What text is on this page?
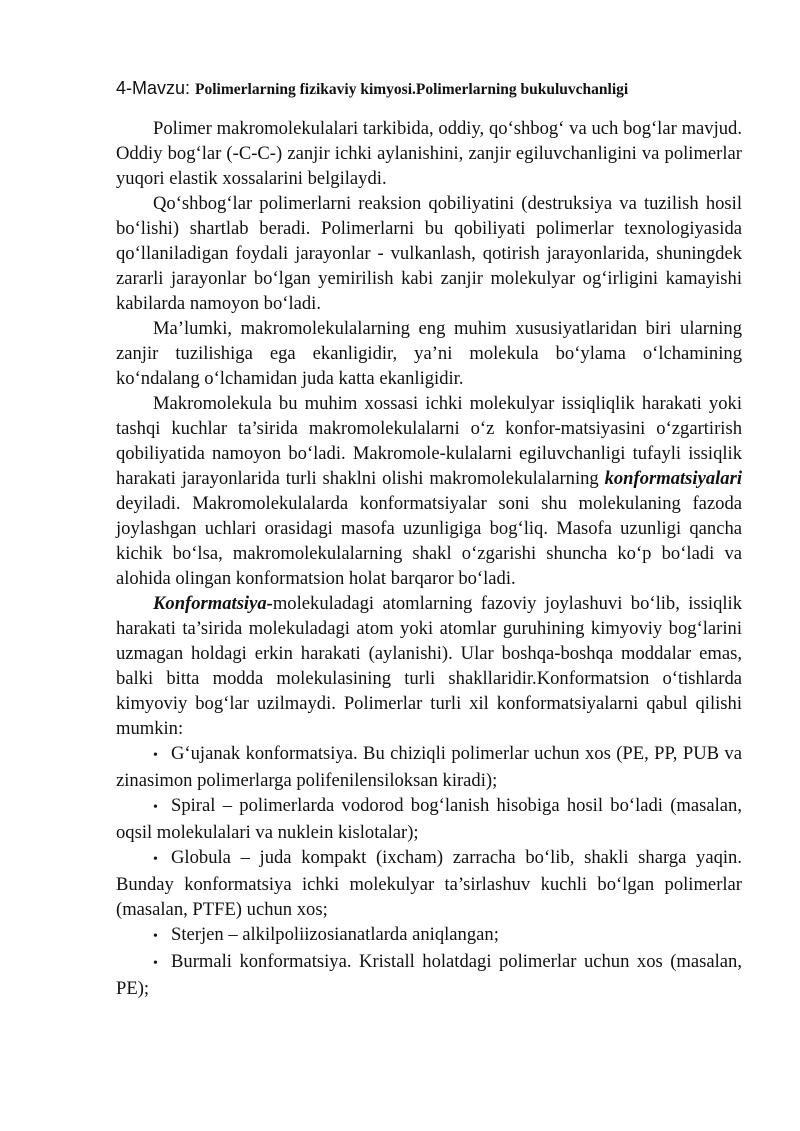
4-Mavzu: Polimerlarning fizikaviy kimyosi.Polimerlarning bukuluvchanligi

Polimer makromolekulalari tarkibida, oddiy, qo‘shbog‘ va uch bog‘lar mavjud. Oddiy bog‘lar (-C-C-) zanjir ichki aylanishini, zanjir egiluvchanligini va polimerlar yuqori elastik xossalarini belgilaydi.

Qo‘shbog‘lar polimerlarni reaksion qobiliyatini (destruksiya va tuzilish hosil bo‘lishi) shartlab beradi. Polimerlarni bu qobiliyati polimerlar texnologiyasida qo‘llaniladigan foydali jarayonlar - vulkanlash, qotirish jarayonlarida, shuningdek zararli jarayonlar bo‘lgan yemirilish kabi zanjir molekulyar og‘irligini kamayishi kabilarda namoyon bo‘ladi.

Ma’lumki, makromolekulalarning eng muhim xususiyatlaridan biri ularning zanjir tuzilishiga ega ekanligidir, ya’ni molekula bo‘ylama o‘lchamining ko‘ndalang o‘lchamidan juda katta ekanligidir.

Makromolekula bu muhim xossasi ichki molekulyar issiqliqlik harakati yoki tashqi kuchlar ta’sirida makromolekulalarni o‘z konfor-matsiyasini o‘zgartirish qobiliyatida namoyon bo‘ladi. Makromole-kulalarni egiluvchanligi tufayli issiqlik harakati jarayonlarida turli shaklni olishi makromolekulalarning konformatsiyalari deyiladi. Makromolekulalarda konformatsiyalar soni shu molekulaning fazoda joylashgan uchlari orasidagi masofa uzunligiga bog‘liq. Masofa uzunligi qancha kichik bo‘lsa, makromolekulalarning shakl o‘zgarishi shuncha ko‘p bo‘ladi va alohida olingan konformatsion holat barqaror bo‘ladi.

Konformatsiya-molekuladagi atomlarning fazoviy joylashuvi bo‘lib, issiqlik harakati ta’sirida molekuladagi atom yoki atomlar guruhining kimyoviy bog‘larini uzmagan holdagi erkin harakati (aylanishi). Ular boshqa-boshqa moddalar emas, balki bitta modda molekulasining turli shakllaridir.Konformatsion o‘tishlarda kimyoviy bog‘lar uzilmaydi. Polimerlar turli xil konformatsiyalarni qabul qilishi mumkin:

• G‘ujanak konformatsiya. Bu chiziqli polimerlar uchun xos (PE, PP, PUB va zinasimon polimerlarga polifenilensiloksan kiradi);

• Spiral – polimerlarda vodorod bog‘lanish hisobiga hosil bo‘ladi (masalan, oqsil molekulalari va nuklein kislotalar);

• Globula – juda kompakt (ixcham) zarracha bo‘lib, shakli sharga yaqin. Bunday konformatsiya ichki molekulyar ta’sirlashuv kuchli bo‘lgan polimerlar (masalan, PTFE) uchun xos;

• Sterjen – alkilpoliizosianatlarda aniqlangan;

• Burmali konformatsiya. Kristall holatdagi polimerlar uchun xos (masalan, PE);
